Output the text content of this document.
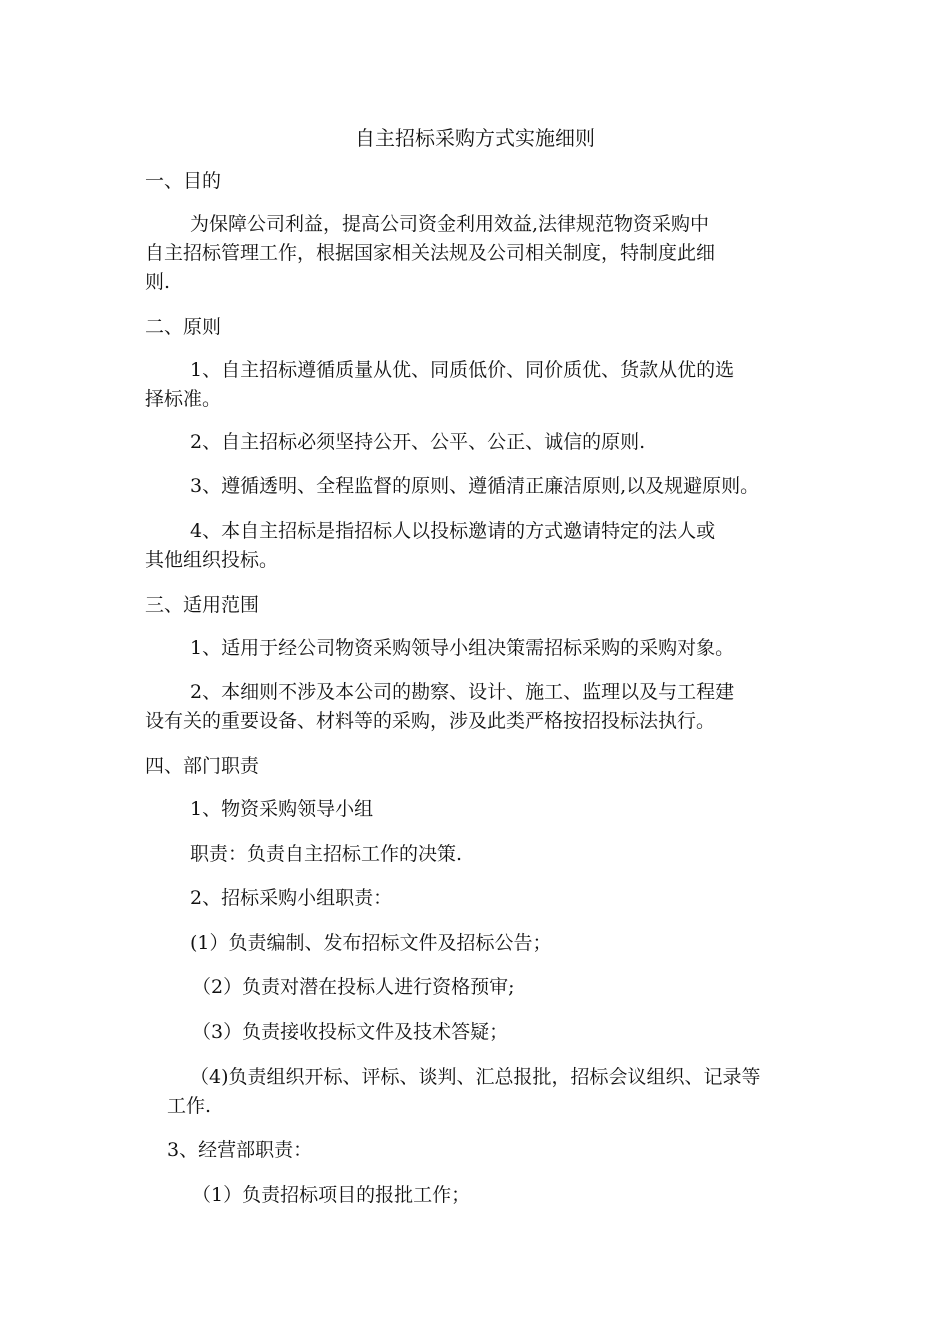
自主招标采购方式实施细则
一、目的
为保障公司利益，提高公司资金利用效益,法律规范物资采购中
自主招标管理工作，根据国家相关法规及公司相关制度，特制度此细
则.
二、原则
1、自主招标遵循质量从优、同质低价、同价质优、货款从优的选
择标准。
2、自主招标必须坚持公开、公平、公正、诚信的原则.
3、遵循透明、全程监督的原则、遵循清正廉洁原则,以及规避原则。
4、本自主招标是指招标人以投标邀请的方式邀请特定的法人或
其他组织投标。
三、适用范围
1、适用于经公司物资采购领导小组决策需招标采购的采购对象。
2、本细则不涉及本公司的勘察、设计、施工、监理以及与工程建
设有关的重要设备、材料等的采购，涉及此类严格按招投标法执行。
四、部门职责
1、物资采购领导小组
职责：负责自主招标工作的决策.
2、招标采购小组职责：
(1）负责编制、发布招标文件及招标公告；
（2）负责对潜在投标人进行资格预审;
（3）负责接收投标文件及技术答疑；
（4)负责组织开标、评标、谈判、汇总报批，招标会议组织、记录等
工作.
3、经营部职责：
（1）负责招标项目的报批工作；
